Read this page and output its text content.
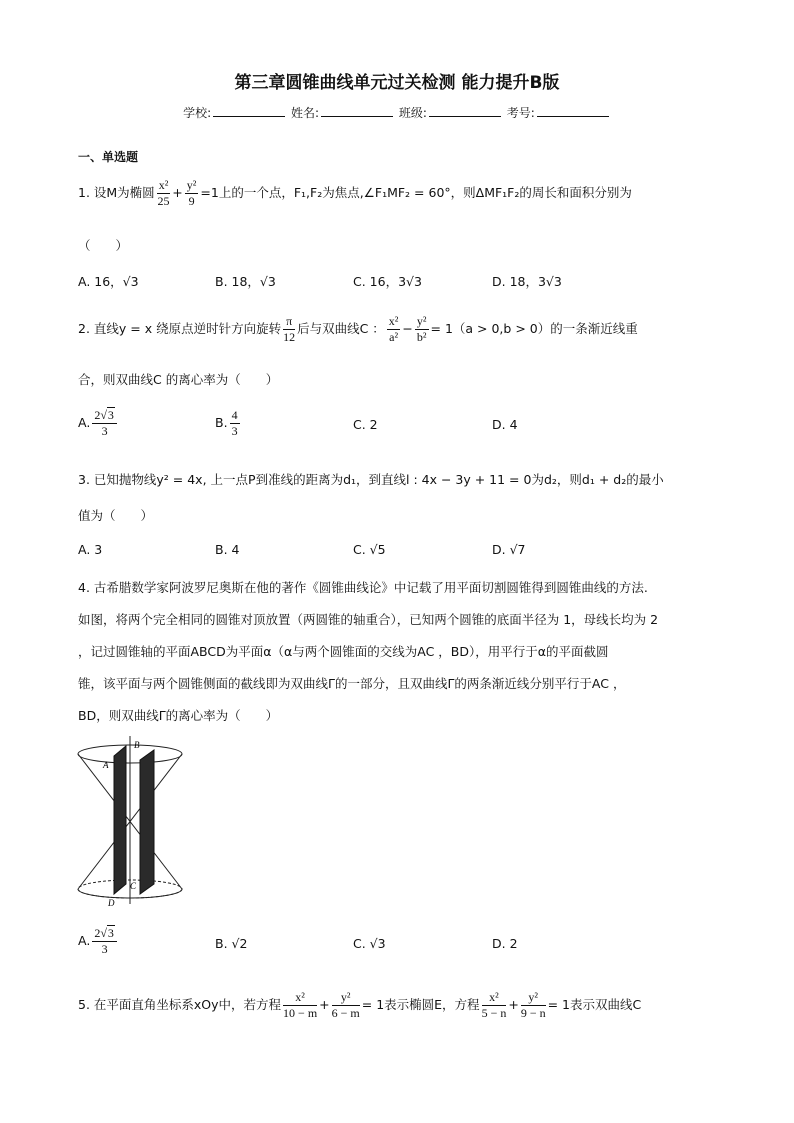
第三章圆锥曲线单元过关检测 能力提升B版
学校:	姓名:	班级:	考号:
一、单选题
1. 设M为椭圆 $\frac{\text{x²}}{25} + \frac{\text{y²}}{9} =1$上的一个点，F₁,F₂为焦点,∠F₁MF₂ = 60°，则ΔMF₁F₂的周长和面积分别为
（　　）
A. 16，√3	B. 18，√3	C. 16，3√3	D. 18，3√3
2. 直线y = x 绕原点逆时针方向旋转 $\frac{\pi}{12}$ 后与双曲线C ： $\frac{\text{x²}}{\text{a²}} - \frac{\text{y²}}{\text{b²}} = 1(a > 0,b > 0)$的一条渐近线重
合，则双曲线C 的离心率为（　　）
A. $\frac{2√3}{3}$	B. $\frac{4}{3}$	C. 2	D. 4
3. 已知抛物线y² = 4x, 上一点P到准线的距离为d₁，到直线l : 4x − 3y + 11 = 0为d₂，则d₁ + d₂的最小
值为（　　）
A. 3	B. 4	C. √5	D. √7
4. 古希腊数学家阿波罗尼奥斯在他的著作《圆锥曲线论》中记载了用平面切割圆锥得到圆锥曲线的方法.
如图，将两个完全相同的圆锥对顶放置（两圆锥的轴重合），已知两个圆锥的底面半径为 1，母线长均为 2
，记过圆锥轴的平面ABCD为平面α（α与两个圆锥面的交线为AC ，BD），用平行于α的平面截圆
锥，该平面与两个圆锥侧面的截线即为双曲线Γ的一部分，且双曲线Γ的两条渐近线分别平行于AC ，
BD，则双曲线Γ的离心率为（　　）
B
A
C
D
A. $\frac{2√3}{3}$	B. √2	C. √3	D. 2
5. 在平面直角坐标系xOy中，若方程 $\frac{\text{x²}}{10 - m} + \frac{\text{y²}}{6 - m} = 1$表示椭圆E，方程 $\frac{\text{x²}}{5 - n} + \frac{\text{y²}}{9 - n} = 1$表示双曲线C
